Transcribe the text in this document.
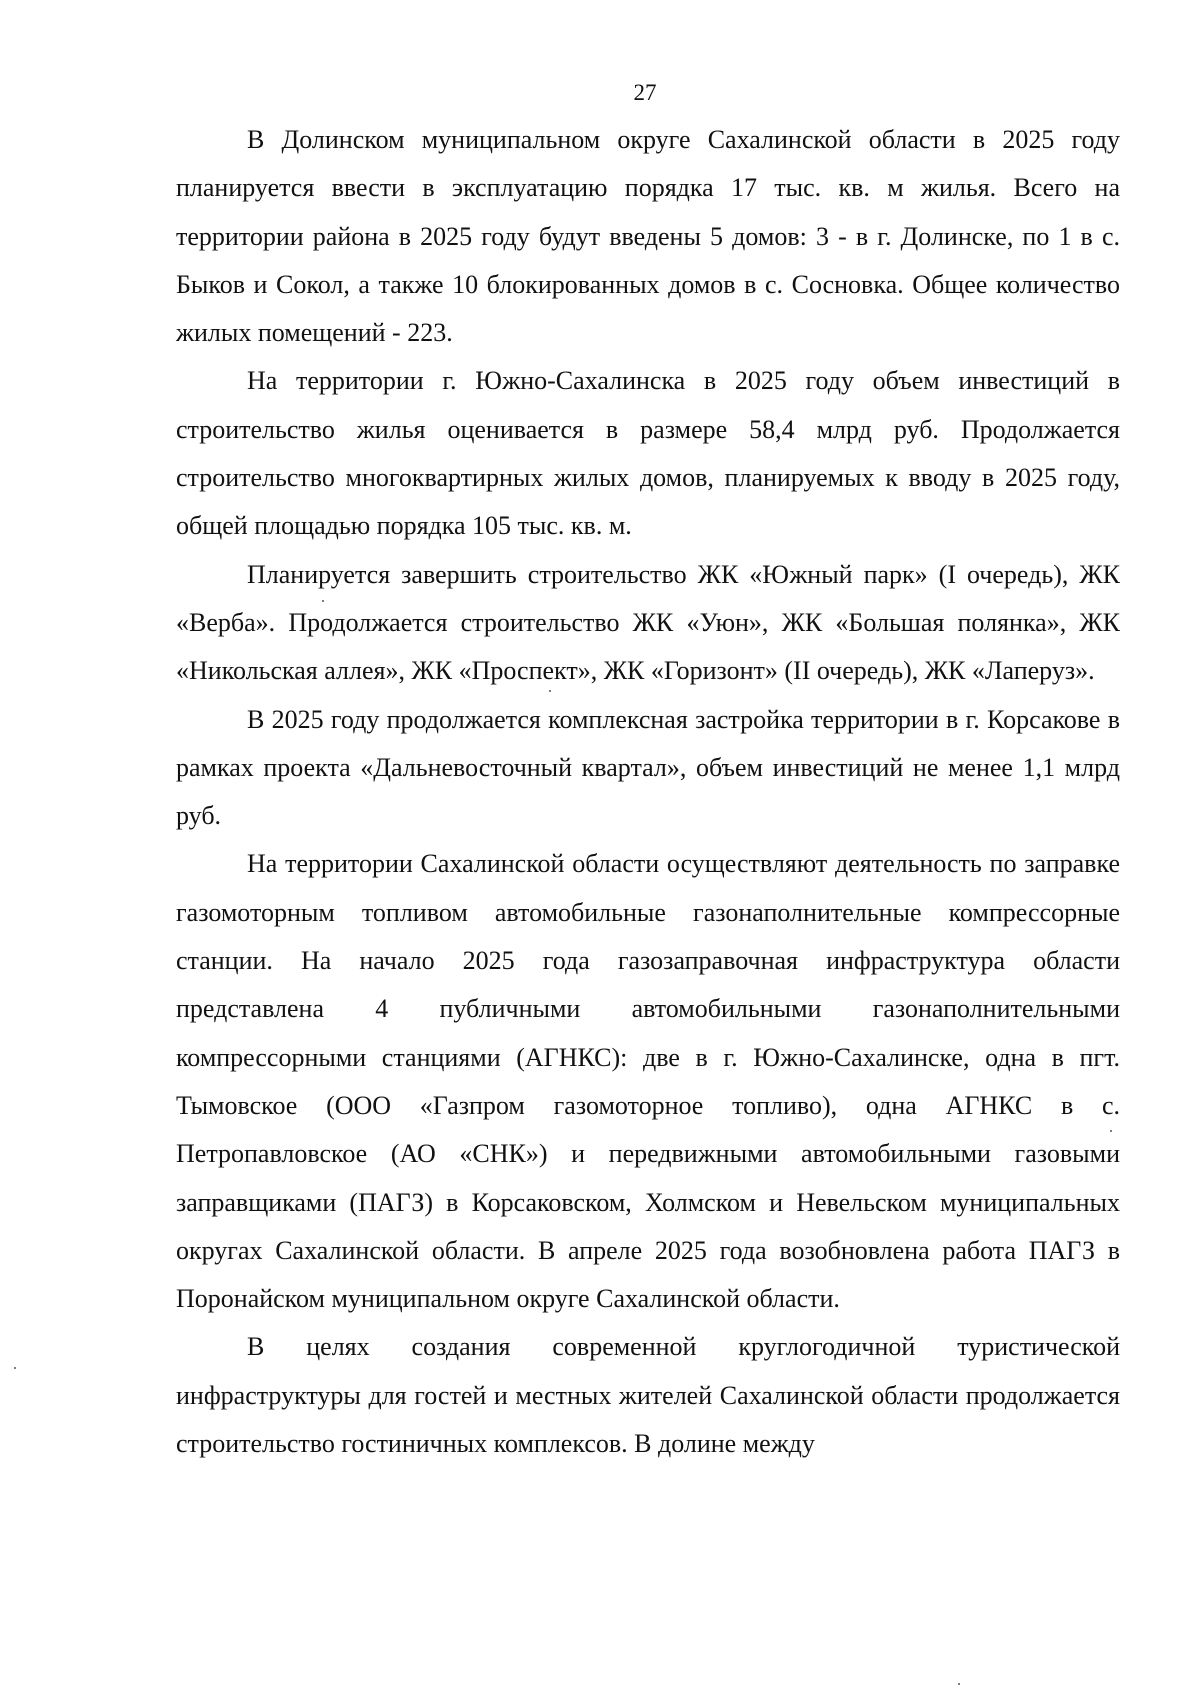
27

В Долинском муниципальном округе Сахалинской области в 2025 году планируется ввести в эксплуатацию порядка 17 тыс. кв. м жилья. Всего на территории района в 2025 году будут введены 5 домов: 3 - в г. Долинске, по 1 в с. Быков и Сокол, а также 10 блокированных домов в с. Сосновка. Общее количество жилых помещений - 223.

На территории г. Южно-Сахалинска в 2025 году объем инвестиций в строительство жилья оценивается в размере 58,4 млрд руб. Продолжается строительство многоквартирных жилых домов, планируемых к вводу в 2025 году, общей площадью порядка 105 тыс. кв. м.

Планируется завершить строительство ЖК «Южный парк» (I очередь), ЖК «Верба». Продолжается строительство ЖК «Уюн», ЖК «Большая полянка», ЖК «Никольская аллея», ЖК «Проспект», ЖК «Горизонт» (II очередь), ЖК «Лаперуз».

В 2025 году продолжается комплексная застройка территории в г. Корсакове в рамках проекта «Дальневосточный квартал», объем инвестиций не менее 1,1 млрд руб.

На территории Сахалинской области осуществляют деятельность по заправке газомоторным топливом автомобильные газонаполнительные компрессорные станции. На начало 2025 года газозаправочная инфраструктура области представлена 4 публичными автомобильными газонаполнительными компрессорными станциями (АГНКС): две в г. Южно-Сахалинске, одна в пгт. Тымовское (ООО «Газпром газомоторное топливо), одна АГНКС в с. Петропавловское (АО «СНК») и передвижными автомобильными газовыми заправщиками (ПАГЗ) в Корсаковском, Холмском и Невельском муниципальных округах Сахалинской области. В апреле 2025 года возобновлена работа ПАГЗ в Поронайском муниципальном округе Сахалинской области.

В целях создания современной круглогодичной туристической инфраструктуры для гостей и местных жителей Сахалинской области продолжается строительство гостиничных комплексов. В долине между
